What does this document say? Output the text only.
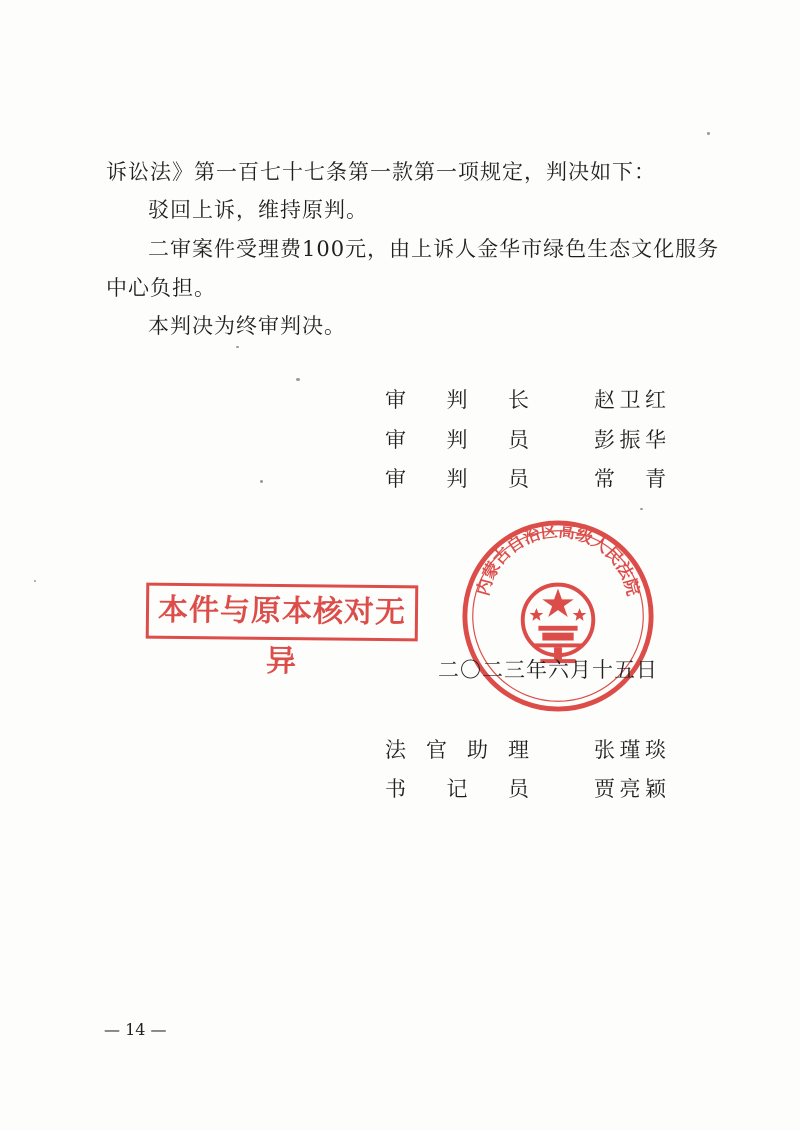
诉讼法》第一百七十七条第一款第一项规定，判决如下：
驳回上诉，维持原判。
二审案件受理费100元，由上诉人金华市绿色生态文化服务
中心负担。
本判决为终审判决。
审 判 长	赵 卫 红
审 判 员	彭 振 华
审 判 员	常 青
内蒙古自治区高级人民法院
本件与原本核对无异	二〇二三年六月十五日
法 官 助 理	张 瑾 琰
书 记 员	贾 亮 颖
— 14 —
